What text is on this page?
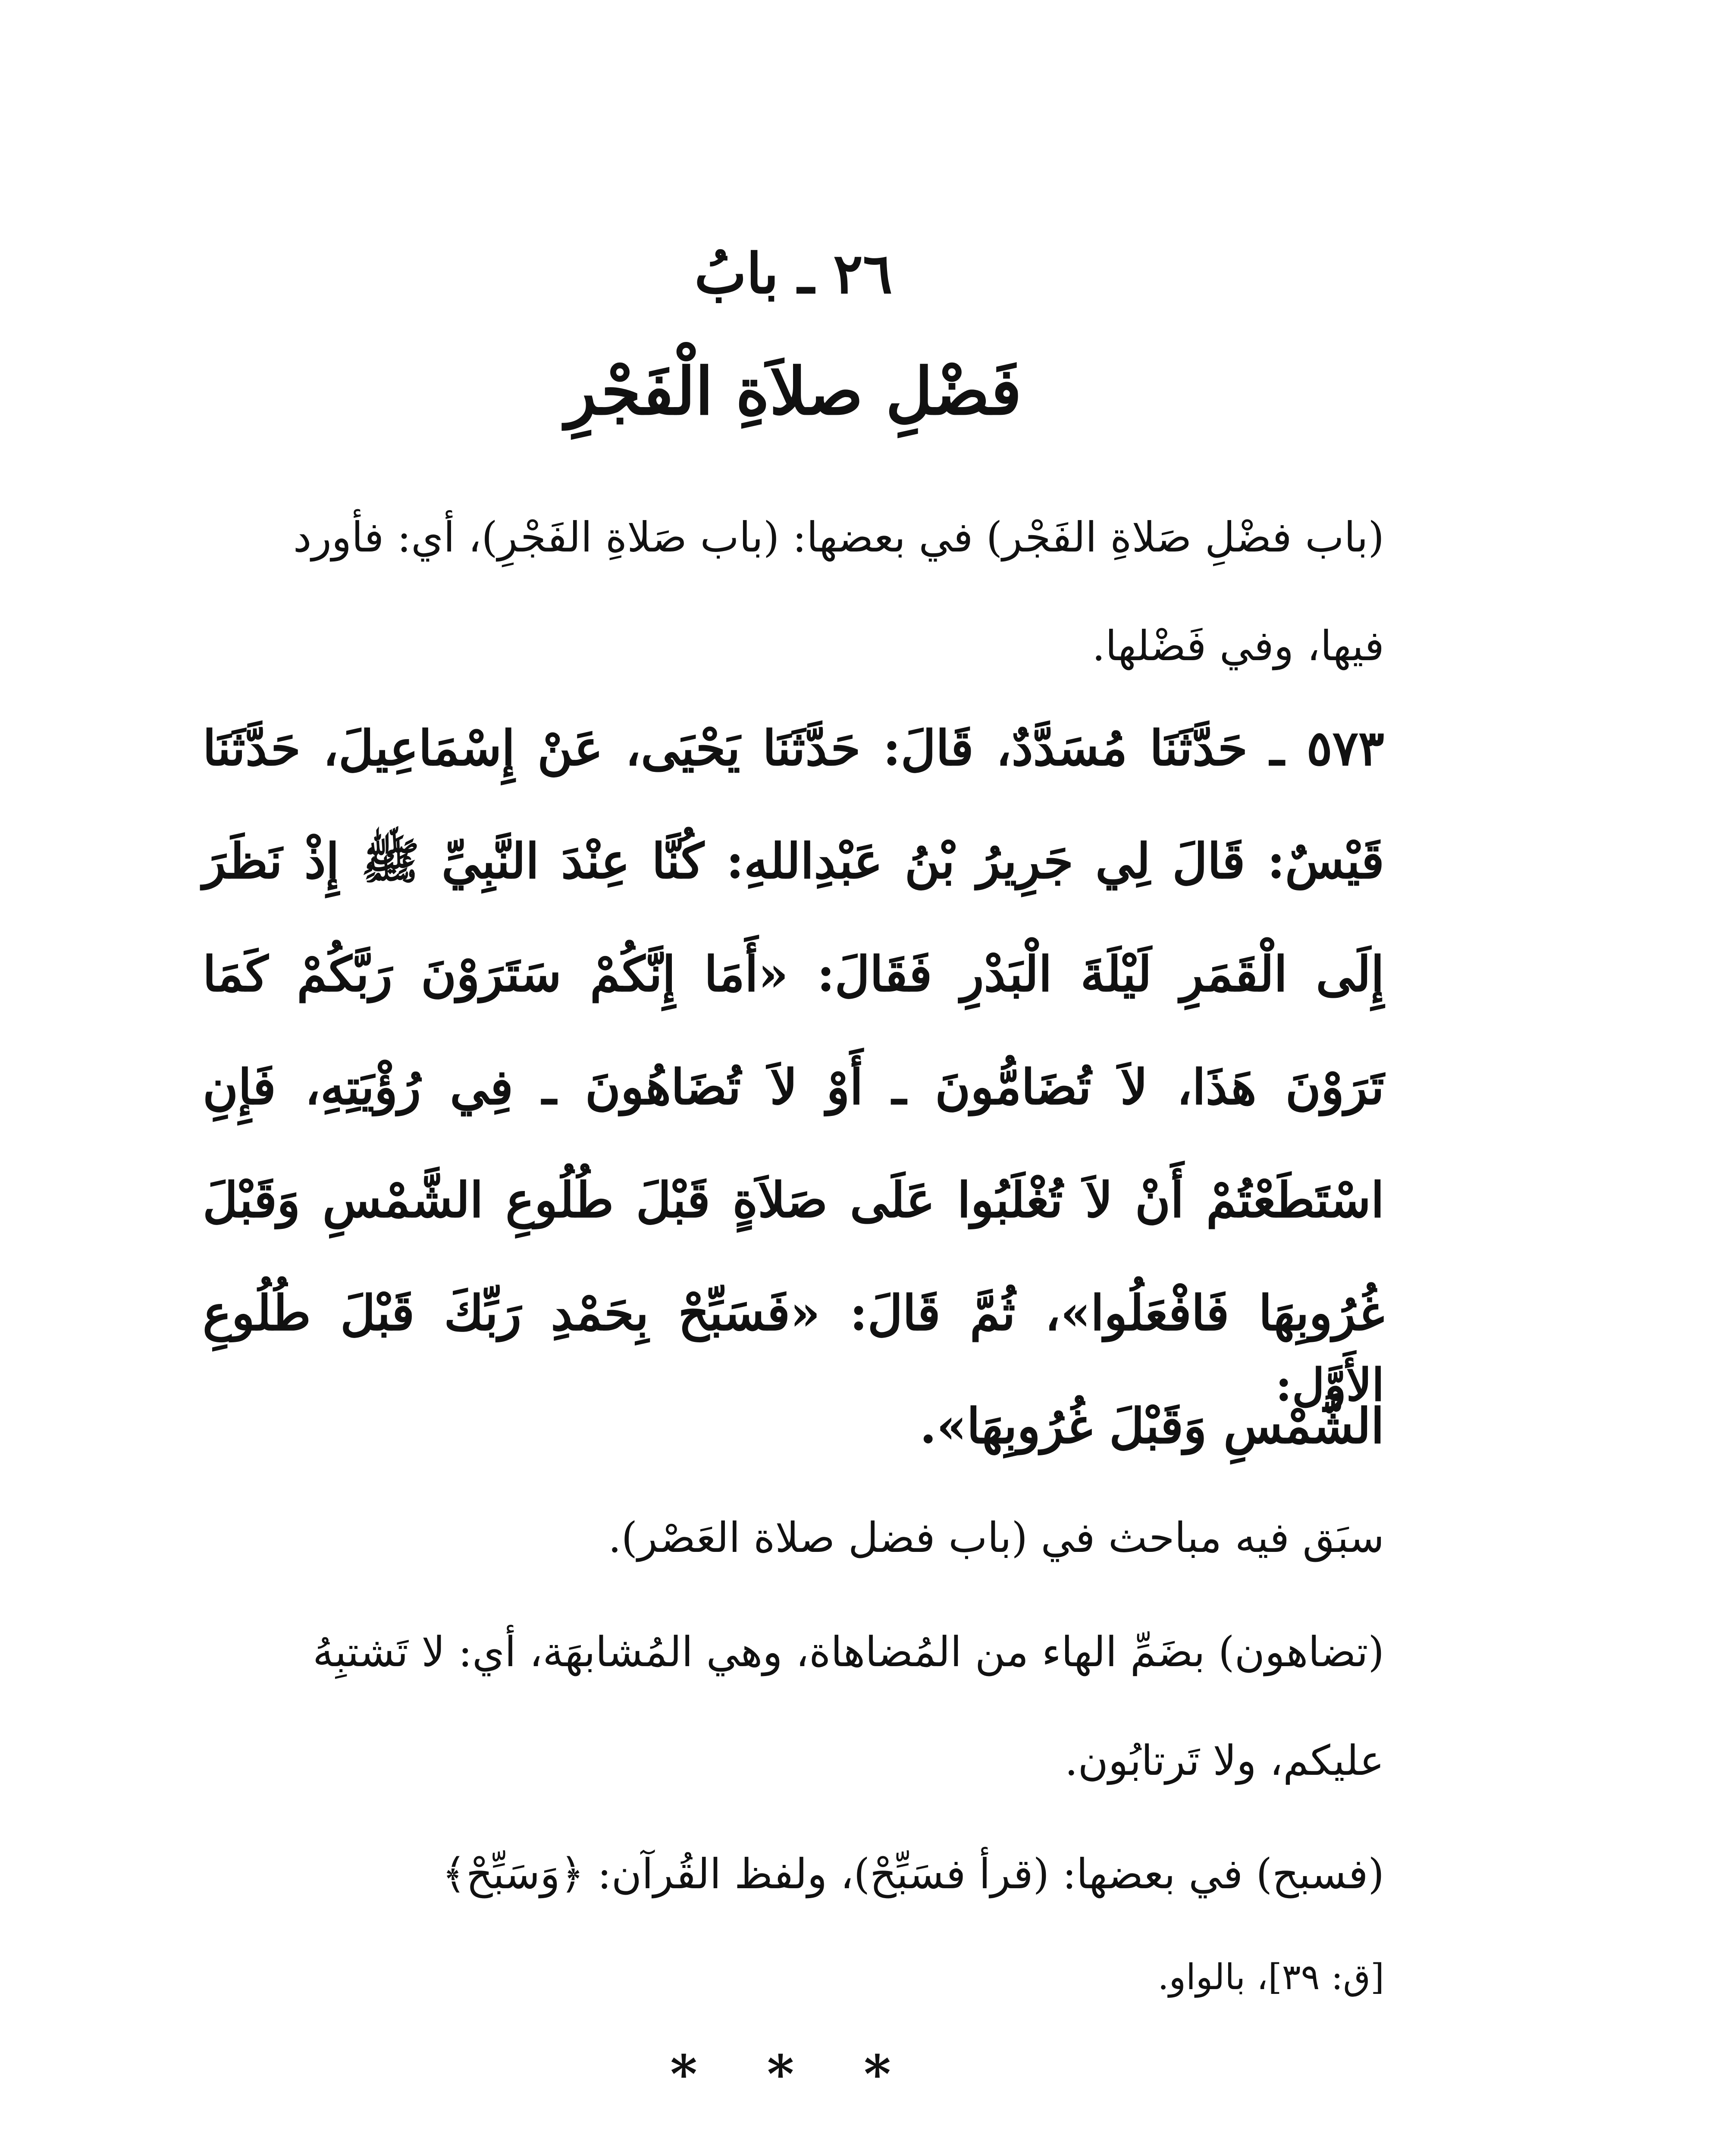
٢٦ ـ بابُ
فَضْلِ صلاَةِ الْفَجْرِ
(باب فضْلِ صَلاةِ الفَجْر) في بعضها: (باب صَلاةِ الفَجْرِ)، أي: فأورد فيها، وفي فَضْلها.
٥٧٣ ـ حَدَّثَنَا مُسَدَّدٌ، قَالَ: حَدَّثَنَا يَحْيَى، عَنْ إِسْمَاعِيلَ، حَدَّثَنَا قَيْسٌ: قَالَ لِي جَرِيرُ بْنُ عَبْدِاللهِ: كُنَّا عِنْدَ النَّبِيِّ ﷺ إِذْ نَظَرَ إِلَى الْقَمَرِ لَيْلَةَ الْبَدْرِ فَقَالَ: «أَمَا إِنَّكُمْ سَتَرَوْنَ رَبَّكُمْ كَمَا تَرَوْنَ هَذَا، لاَ تُضَامُّونَ ـ أَوْ لاَ تُضَاهُونَ ـ فِي رُؤْيَتِهِ، فَإِنِ اسْتَطَعْتُمْ أَنْ لاَ تُغْلَبُوا عَلَى صَلاَةٍ قَبْلَ طُلُوعِ الشَّمْسِ وَقَبْلَ غُرُوبِهَا فَافْعَلُوا»، ثُمَّ قَالَ: «فَسَبِّحْ بِحَمْدِ رَبِّكَ قَبْلَ طُلُوعِ الشَّمْسِ وَقَبْلَ غُرُوبِهَا».
الأَوَّل:
سبَق فيه مباحث في (باب فضل صلاة العَصْر).
(تضاهون) بضَمِّ الهاء من المُضاهاة، وهي المُشابهَة، أي: لا تَشتبِهُ عليكم، ولا تَرتابُون.
(فسبح) في بعضها: (قرأ فسَبِّحْ)، ولفظ القُرآن: ﴿وَسَبِّحْ﴾
[ق: ٣٩]، بالواو.
* * *
